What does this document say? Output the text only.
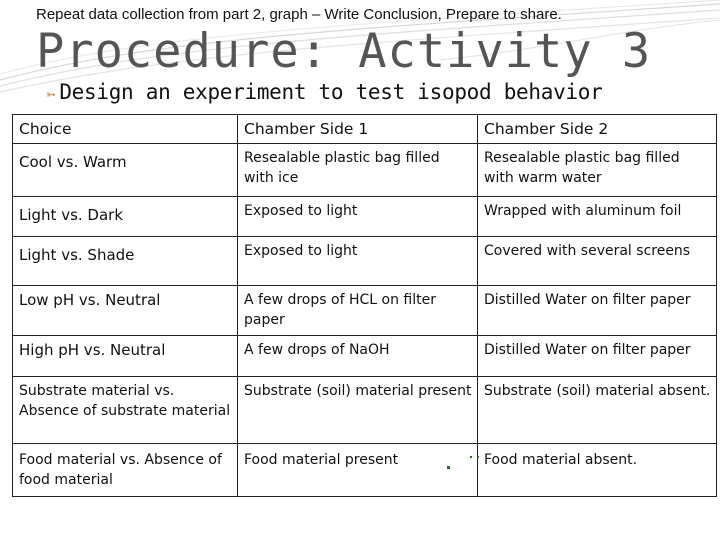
Repeat data collection from part 2, graph – Write Conclusion, Prepare to share.
Procedure: Activity 3
➳ Design an experiment to test isopod behavior
Choice	Chamber Side 1	Chamber Side 2
Cool vs. Warm	Resealable plastic bag filled with ice	Resealable plastic bag filled with warm water
Light vs. Dark	Exposed to light	Wrapped with aluminum foil
Light vs. Shade	Exposed to light	Covered with several screens
Low pH vs. Neutral	A few drops of HCL on filter paper	Distilled Water on filter paper
High pH vs. Neutral	A few drops of NaOH	Distilled Water on filter paper
Substrate material vs. Absence of substrate material	Substrate (soil) material present	Substrate (soil) material absent.
Food material vs. Absence of food material	Food material present	Food material absent.
